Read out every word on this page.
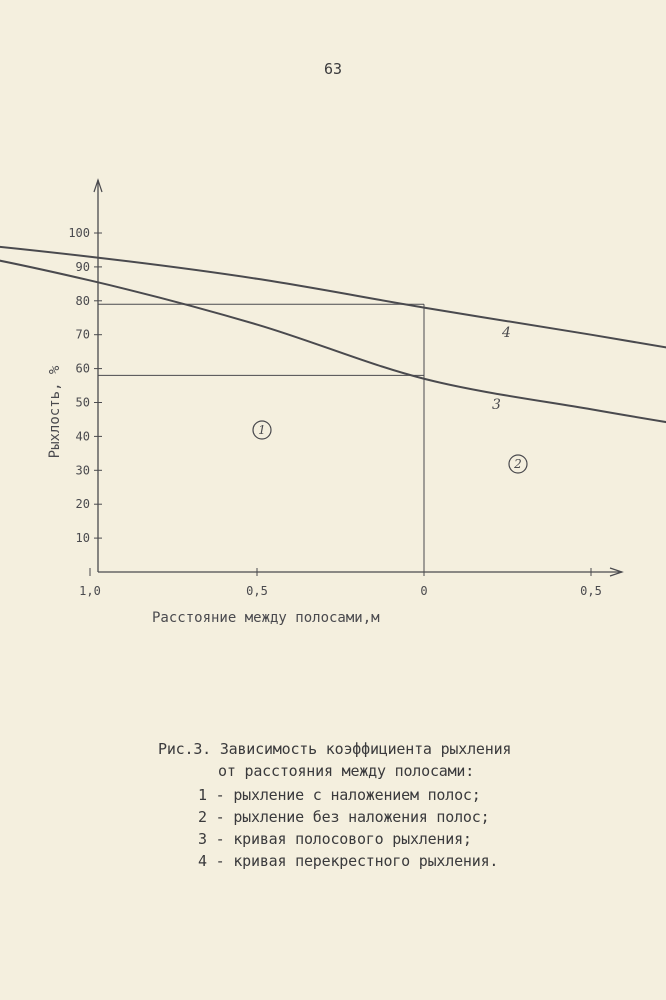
63
100
90
80
70
60
50
40
30
20
10
1,0	0,5	0	0,5
Рыхлость, %
Расстояние между полосами,м
4
3
1
2
Рис.3. Зависимость коэффициента рыхления
от расстояния между полосами:
1 - рыхление с наложением полос;
2 - рыхление без наложения полос;
3 - кривая полосового рыхления;
4 - кривая перекрестного рыхления.
